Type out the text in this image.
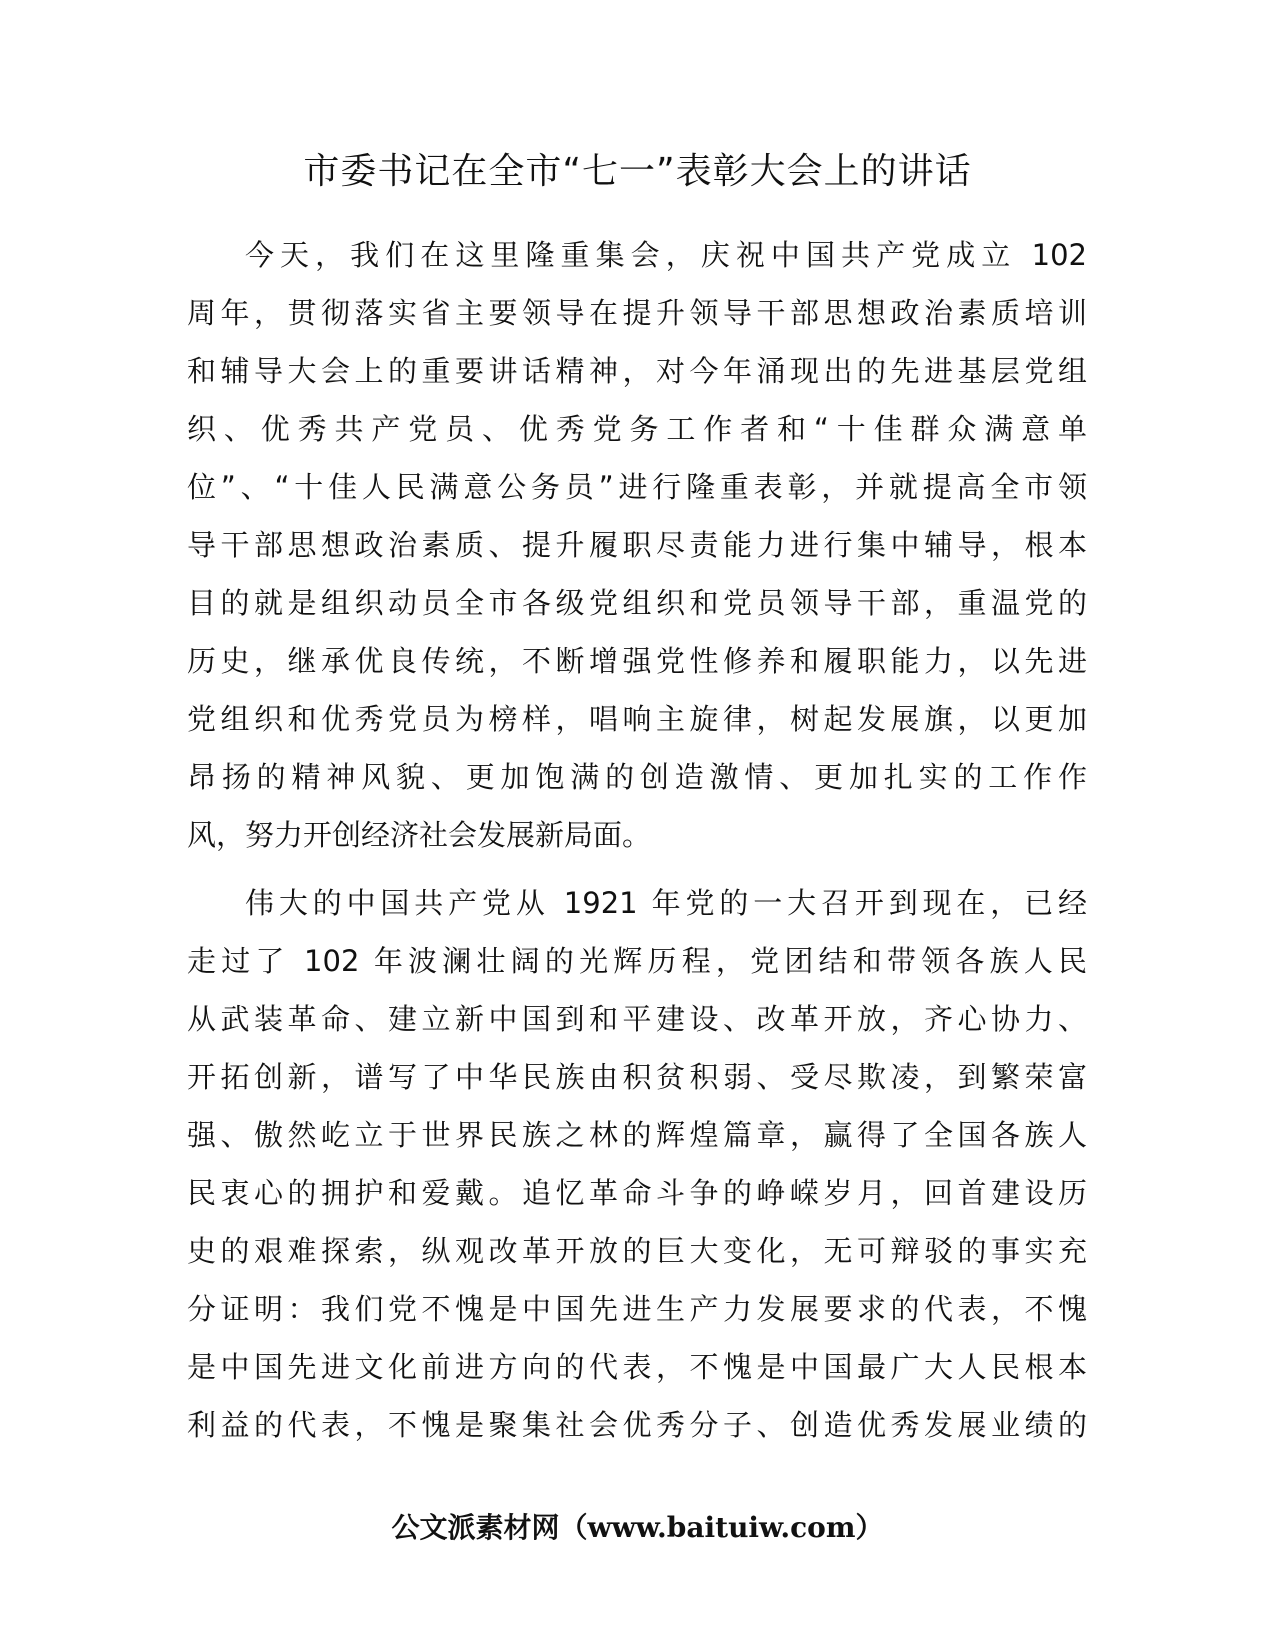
市委书记在全市“七一”表彰大会上的讲话
今天，我们在这里隆重集会，庆祝中国共产党成立 102
周年，贯彻落实省主要领导在提升领导干部思想政治素质培训
和辅导大会上的重要讲话精神，对今年涌现出的先进基层党组
织、优秀共产党员、优秀党务工作者和“十佳群众满意单
位”、“十佳人民满意公务员”进行隆重表彰，并就提高全市领
导干部思想政治素质、提升履职尽责能力进行集中辅导，根本
目的就是组织动员全市各级党组织和党员领导干部，重温党的
历史，继承优良传统，不断增强党性修养和履职能力，以先进
党组织和优秀党员为榜样，唱响主旋律，树起发展旗，以更加
昂扬的精神风貌、更加饱满的创造激情、更加扎实的工作作
风，努力开创经济社会发展新局面。
伟大的中国共产党从 1921 年党的一大召开到现在，已经
走过了 102 年波澜壮阔的光辉历程，党团结和带领各族人民
从武装革命、建立新中国到和平建设、改革开放，齐心协力、
开拓创新，谱写了中华民族由积贫积弱、受尽欺凌，到繁荣富
强、傲然屹立于世界民族之林的辉煌篇章，赢得了全国各族人
民衷心的拥护和爱戴。追忆革命斗争的峥嵘岁月，回首建设历
史的艰难探索，纵观改革开放的巨大变化，无可辩驳的事实充
分证明：我们党不愧是中国先进生产力发展要求的代表，不愧
是中国先进文化前进方向的代表，不愧是中国最广大人民根本
利益的代表，不愧是聚集社会优秀分子、创造优秀发展业绩的

公文派素材网（www.baituiw.com）
